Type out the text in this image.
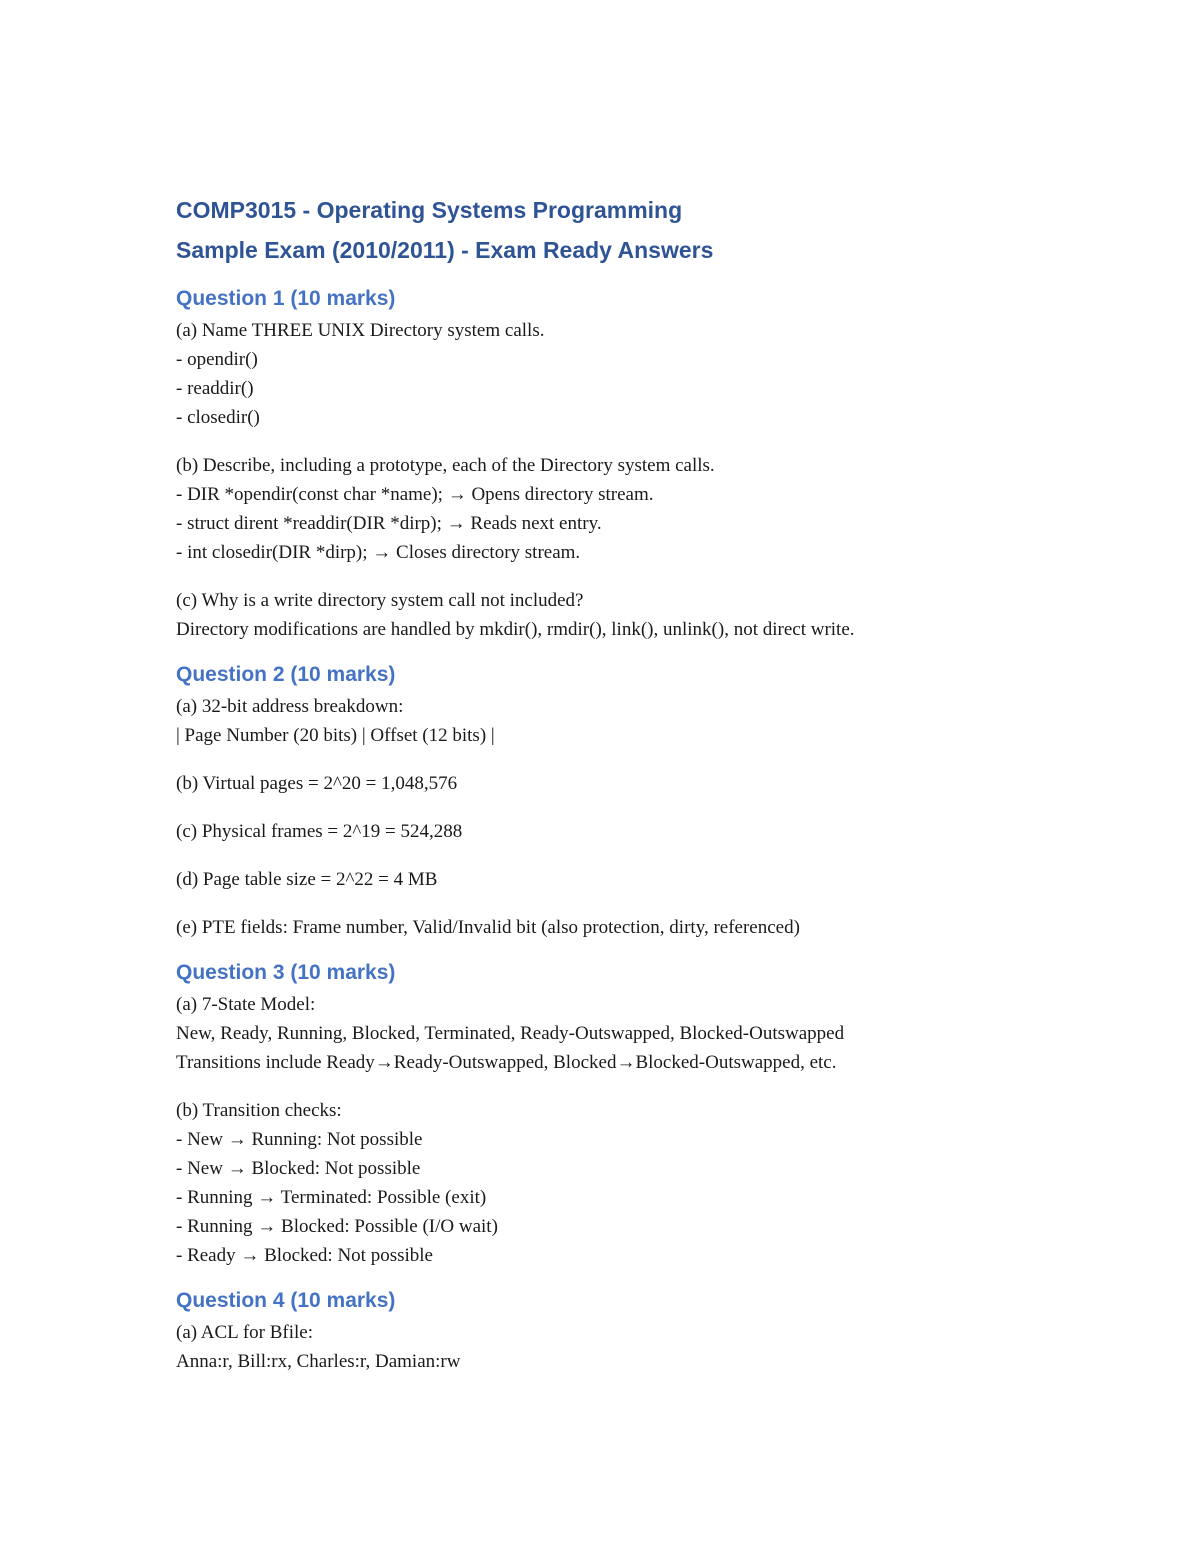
COMP3015 - Operating Systems Programming
Sample Exam (2010/2011) - Exam Ready Answers
Question 1 (10 marks)
(a) Name THREE UNIX Directory system calls.
- opendir()
- readdir()
- closedir()
(b) Describe, including a prototype, each of the Directory system calls.
- DIR *opendir(const char *name); → Opens directory stream.
- struct dirent *readdir(DIR *dirp); → Reads next entry.
- int closedir(DIR *dirp); → Closes directory stream.
(c) Why is a write directory system call not included?
Directory modifications are handled by mkdir(), rmdir(), link(), unlink(), not direct write.
Question 2 (10 marks)
(a) 32-bit address breakdown:
| Page Number (20 bits) | Offset (12 bits) |
(b) Virtual pages = 2^20 = 1,048,576
(c) Physical frames = 2^19 = 524,288
(d) Page table size = 2^22 = 4 MB
(e) PTE fields: Frame number, Valid/Invalid bit (also protection, dirty, referenced)
Question 3 (10 marks)
(a) 7-State Model:
New, Ready, Running, Blocked, Terminated, Ready-Outswapped, Blocked-Outswapped
Transitions include Ready→Ready-Outswapped, Blocked→Blocked-Outswapped, etc.
(b) Transition checks:
- New → Running: Not possible
- New → Blocked: Not possible
- Running → Terminated: Possible (exit)
- Running → Blocked: Possible (I/O wait)
- Ready → Blocked: Not possible
Question 4 (10 marks)
(a) ACL for Bfile:
Anna:r, Bill:rx, Charles:r, Damian:rw
